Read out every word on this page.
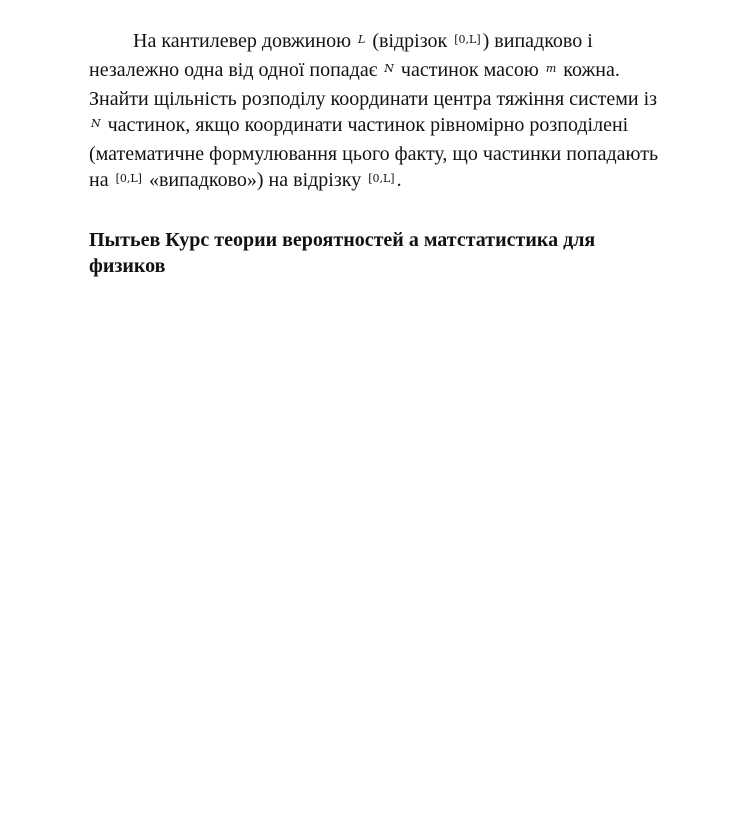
На кантилевер довжиною $^L$ (відрізок [0,L] ) випадково і незалежно одна від одної попадає $^N$ частинок масою $^m$ кожна. Знайти щільність розподілу координати центра тяжіння системи із $^N$ частинок, якщо координати частинок рівномірно розподілені (математичне формулювання цього факту, що частинки попадають на [0,L] «випадково») на відрізку [0,L] .

Пытьев Курс теории вероятностей а матстатистика для физиков
